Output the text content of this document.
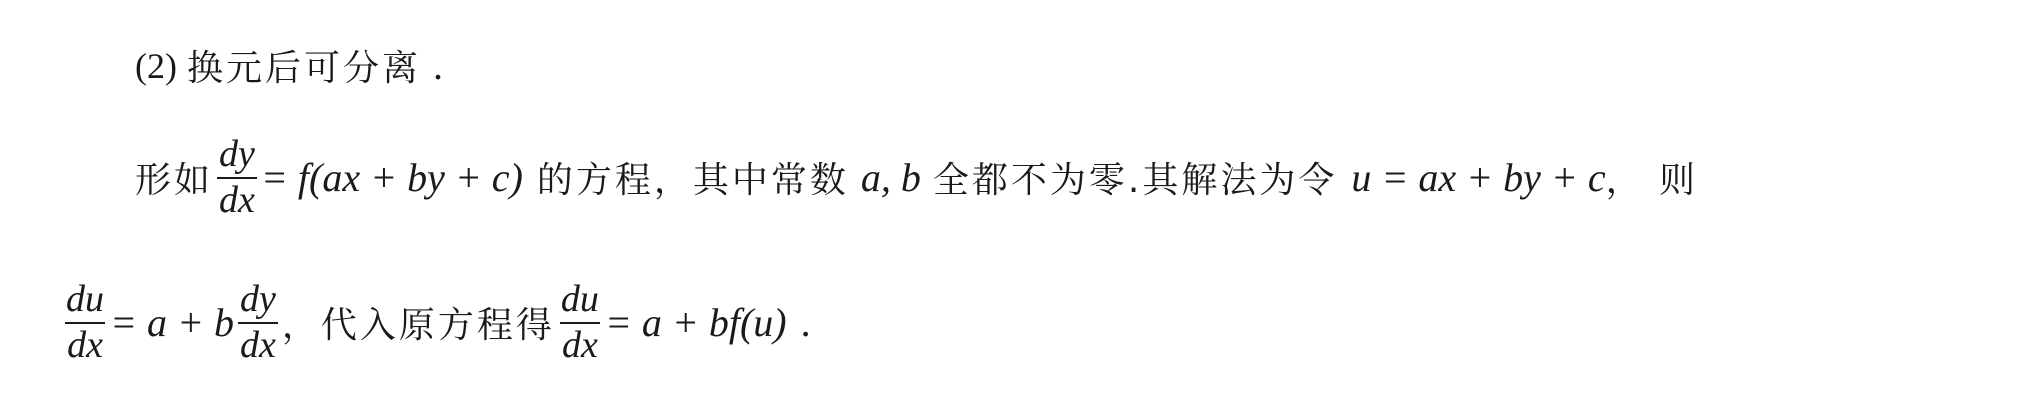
(2) 换元后可分离 .
形如 $\frac{dy}{dx} = f(ax$ + by + c) 的方程，其中常数 a, b 全都不为零.其解法为令 u = ax + by + c ， 则
$\frac{du}{dx} = a + b \frac{dy}{dx}$ ，代入原方程得 $\frac{du}{dx} = a + bf(u)$ .
